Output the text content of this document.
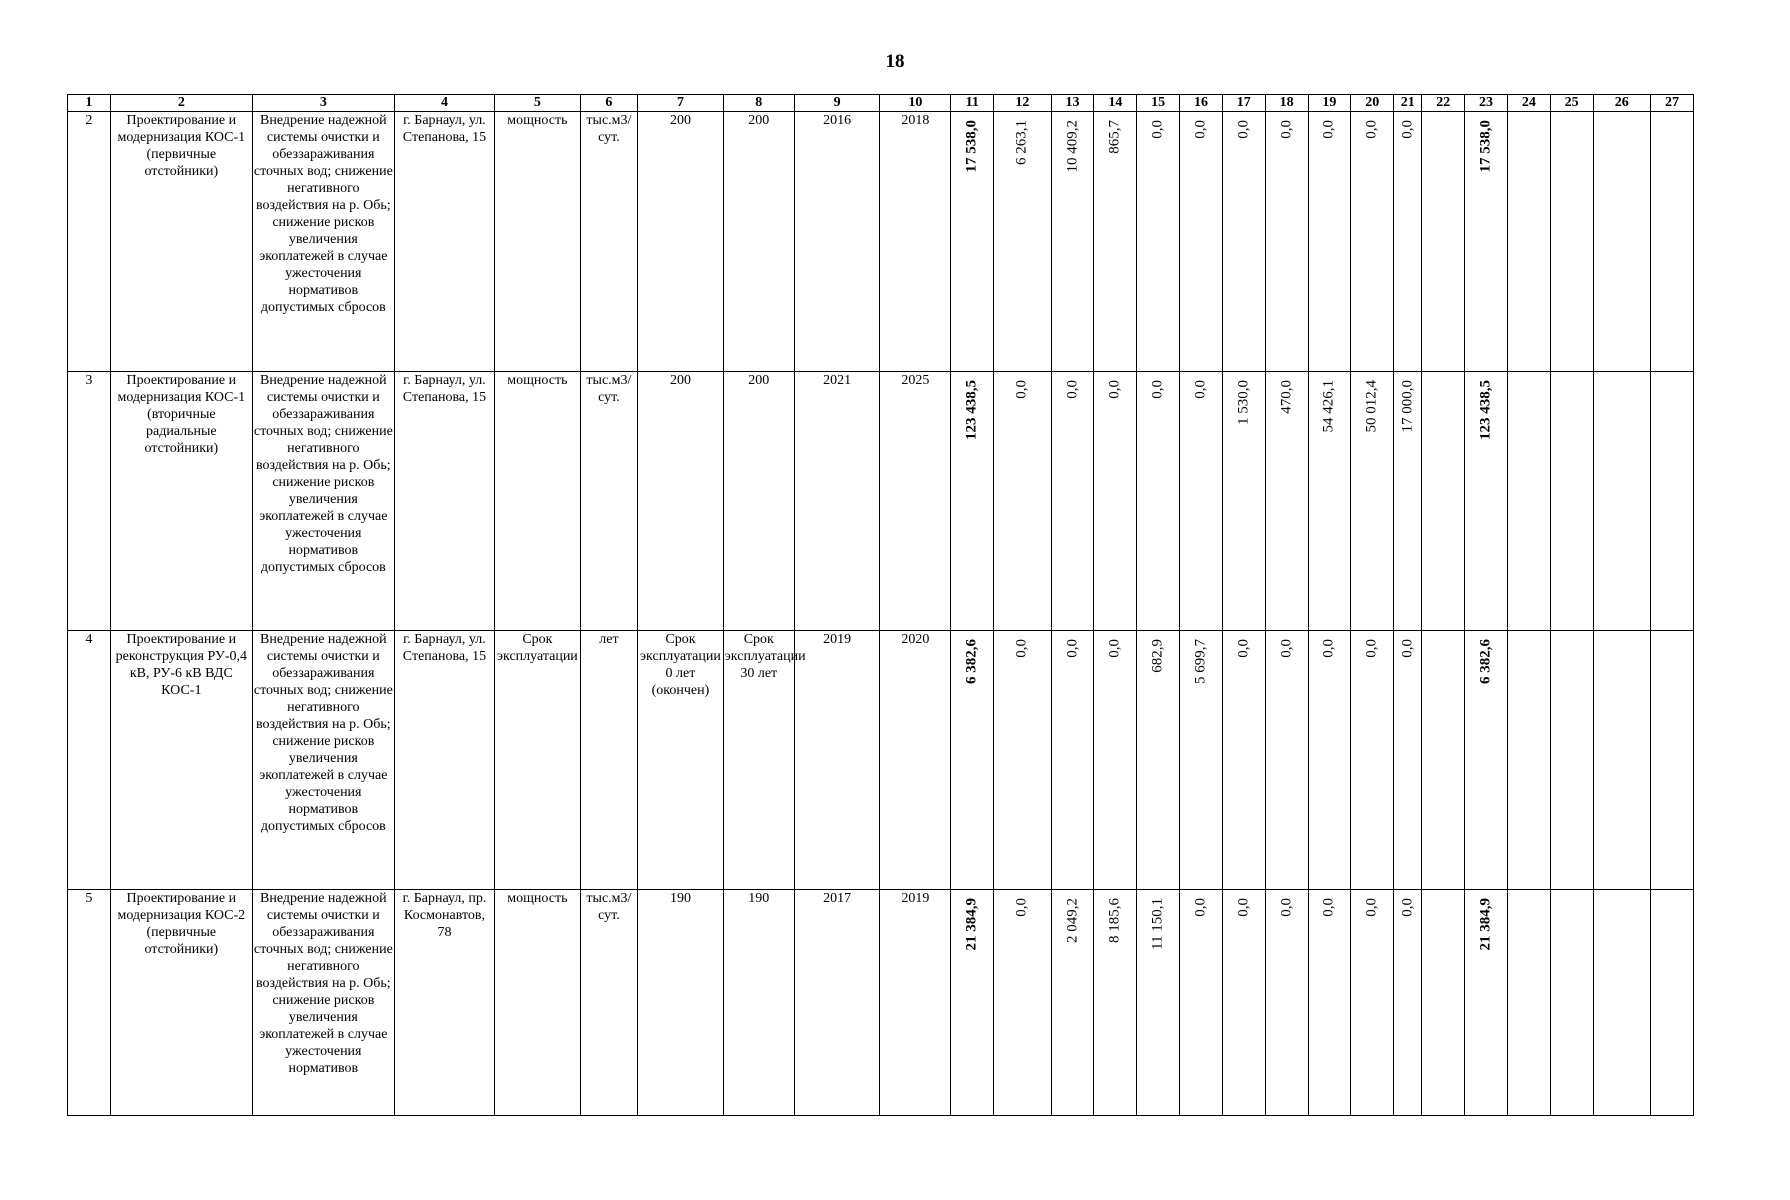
18
1	2	3	4	5	6	7	8	9	10	11	12	13	14	15	16	17	18	19	20	21	22	23	24	25	26	27
2	Проектирование и модернизация КОС-1 (первичные отстойники)	Внедрение надежной системы очистки и обеззараживания сточных вод; снижение негативного воздействия на р. Обь; снижение рисков увеличения экоплатежей в случае ужесточения нормативов допустимых сбросов	г. Барнаул, ул. Степанова, 15	мощность	тыс.м3/ сут.	200	200	2016	2018	17 538,0	6 263,1	10 409,2	865,7	0,0	0,0	0,0	0,0	0,0	0,0	0,0		17 538,0				

3	Проектирование и модернизация КОС-1 (вторичные радиальные отстойники)	Внедрение надежной системы очистки и обеззараживания сточных вод; снижение негативного воздействия на р. Обь; снижение рисков увеличения экоплатежей в случае ужесточения нормативов допустимых сбросов	г. Барнаул, ул. Степанова, 15	мощность	тыс.м3/ сут.	200	200	2021	2025	123 438,5	0,0	0,0	0,0	0,0	0,0	1 530,0	470,0	54 426,1	50 012,4	17 000,0		123 438,5				

4	Проектирование и реконструкция РУ-0,4 кВ, РУ-6 кВ ВДС КОС-1	Внедрение надежной системы очистки и обеззараживания сточных вод; снижение негативного воздействия на р. Обь; снижение рисков увеличения экоплатежей в случае ужесточения нормативов допустимых сбросов	г. Барнаул, ул. Степанова, 15	Срок эксплуатации	лет	Срок эксплуатации 0 лет (окончен)	Срок эксплуатации 30 лет	2019	2020	6 382,6	0,0	0,0	0,0	682,9	5 699,7	0,0	0,0	0,0	0,0	0,0		6 382,6				

5	Проектирование и модернизация КОС-2 (первичные отстойники)	Внедрение надежной системы очистки и обеззараживания сточных вод; снижение негативного воздействия на р. Обь; снижение рисков увеличения экоплатежей в случае ужесточения нормативов	г. Барнаул, пр. Космонавтов, 78	мощность	тыс.м3/ сут.	190	190	2017	2019	21 384,9	0,0	2 049,2	8 185,6	11 150,1	0,0	0,0	0,0	0,0	0,0	0,0		21 384,9				
